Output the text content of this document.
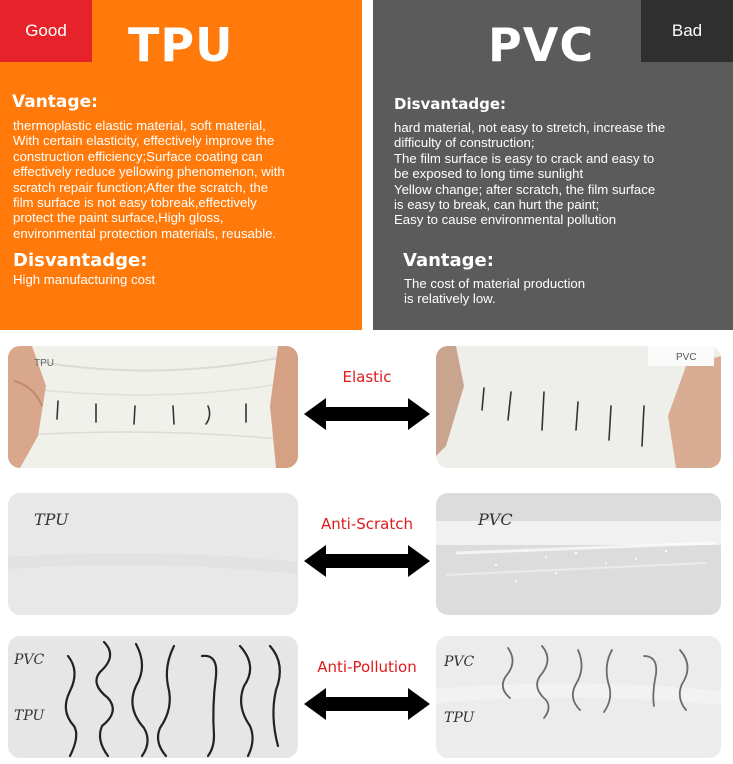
Good	TPU
Vantage:
thermoplastic elastic material, soft material,
With certain elasticity, effectively improve the
construction efficiency;Surface coating can
effectively reduce yellowing phenomenon, with
scratch repair function;After the scratch, the
film surface is not easy tobreak,effectively
protect the paint surface,High gloss,
environmental protection materials, reusable.
Disvantadge:
High manufacturing cost
Bad
PVC
Disvantadge:
hard material, not easy to stretch, increase the
difficulty of construction;
The film surface is easy to crack and easy to
be exposed to long time sunlight
Yellow change; after scratch, the film surface
is easy to break, can hurt the paint;
Easy to cause environmental pollution
Vantage:
The cost of material production
is relatively low.
TPU
Elastic
PVC
TPU	Anti-Scratch	PVC
PVC
TPU
Anti-Pollution	PVC
TPU
